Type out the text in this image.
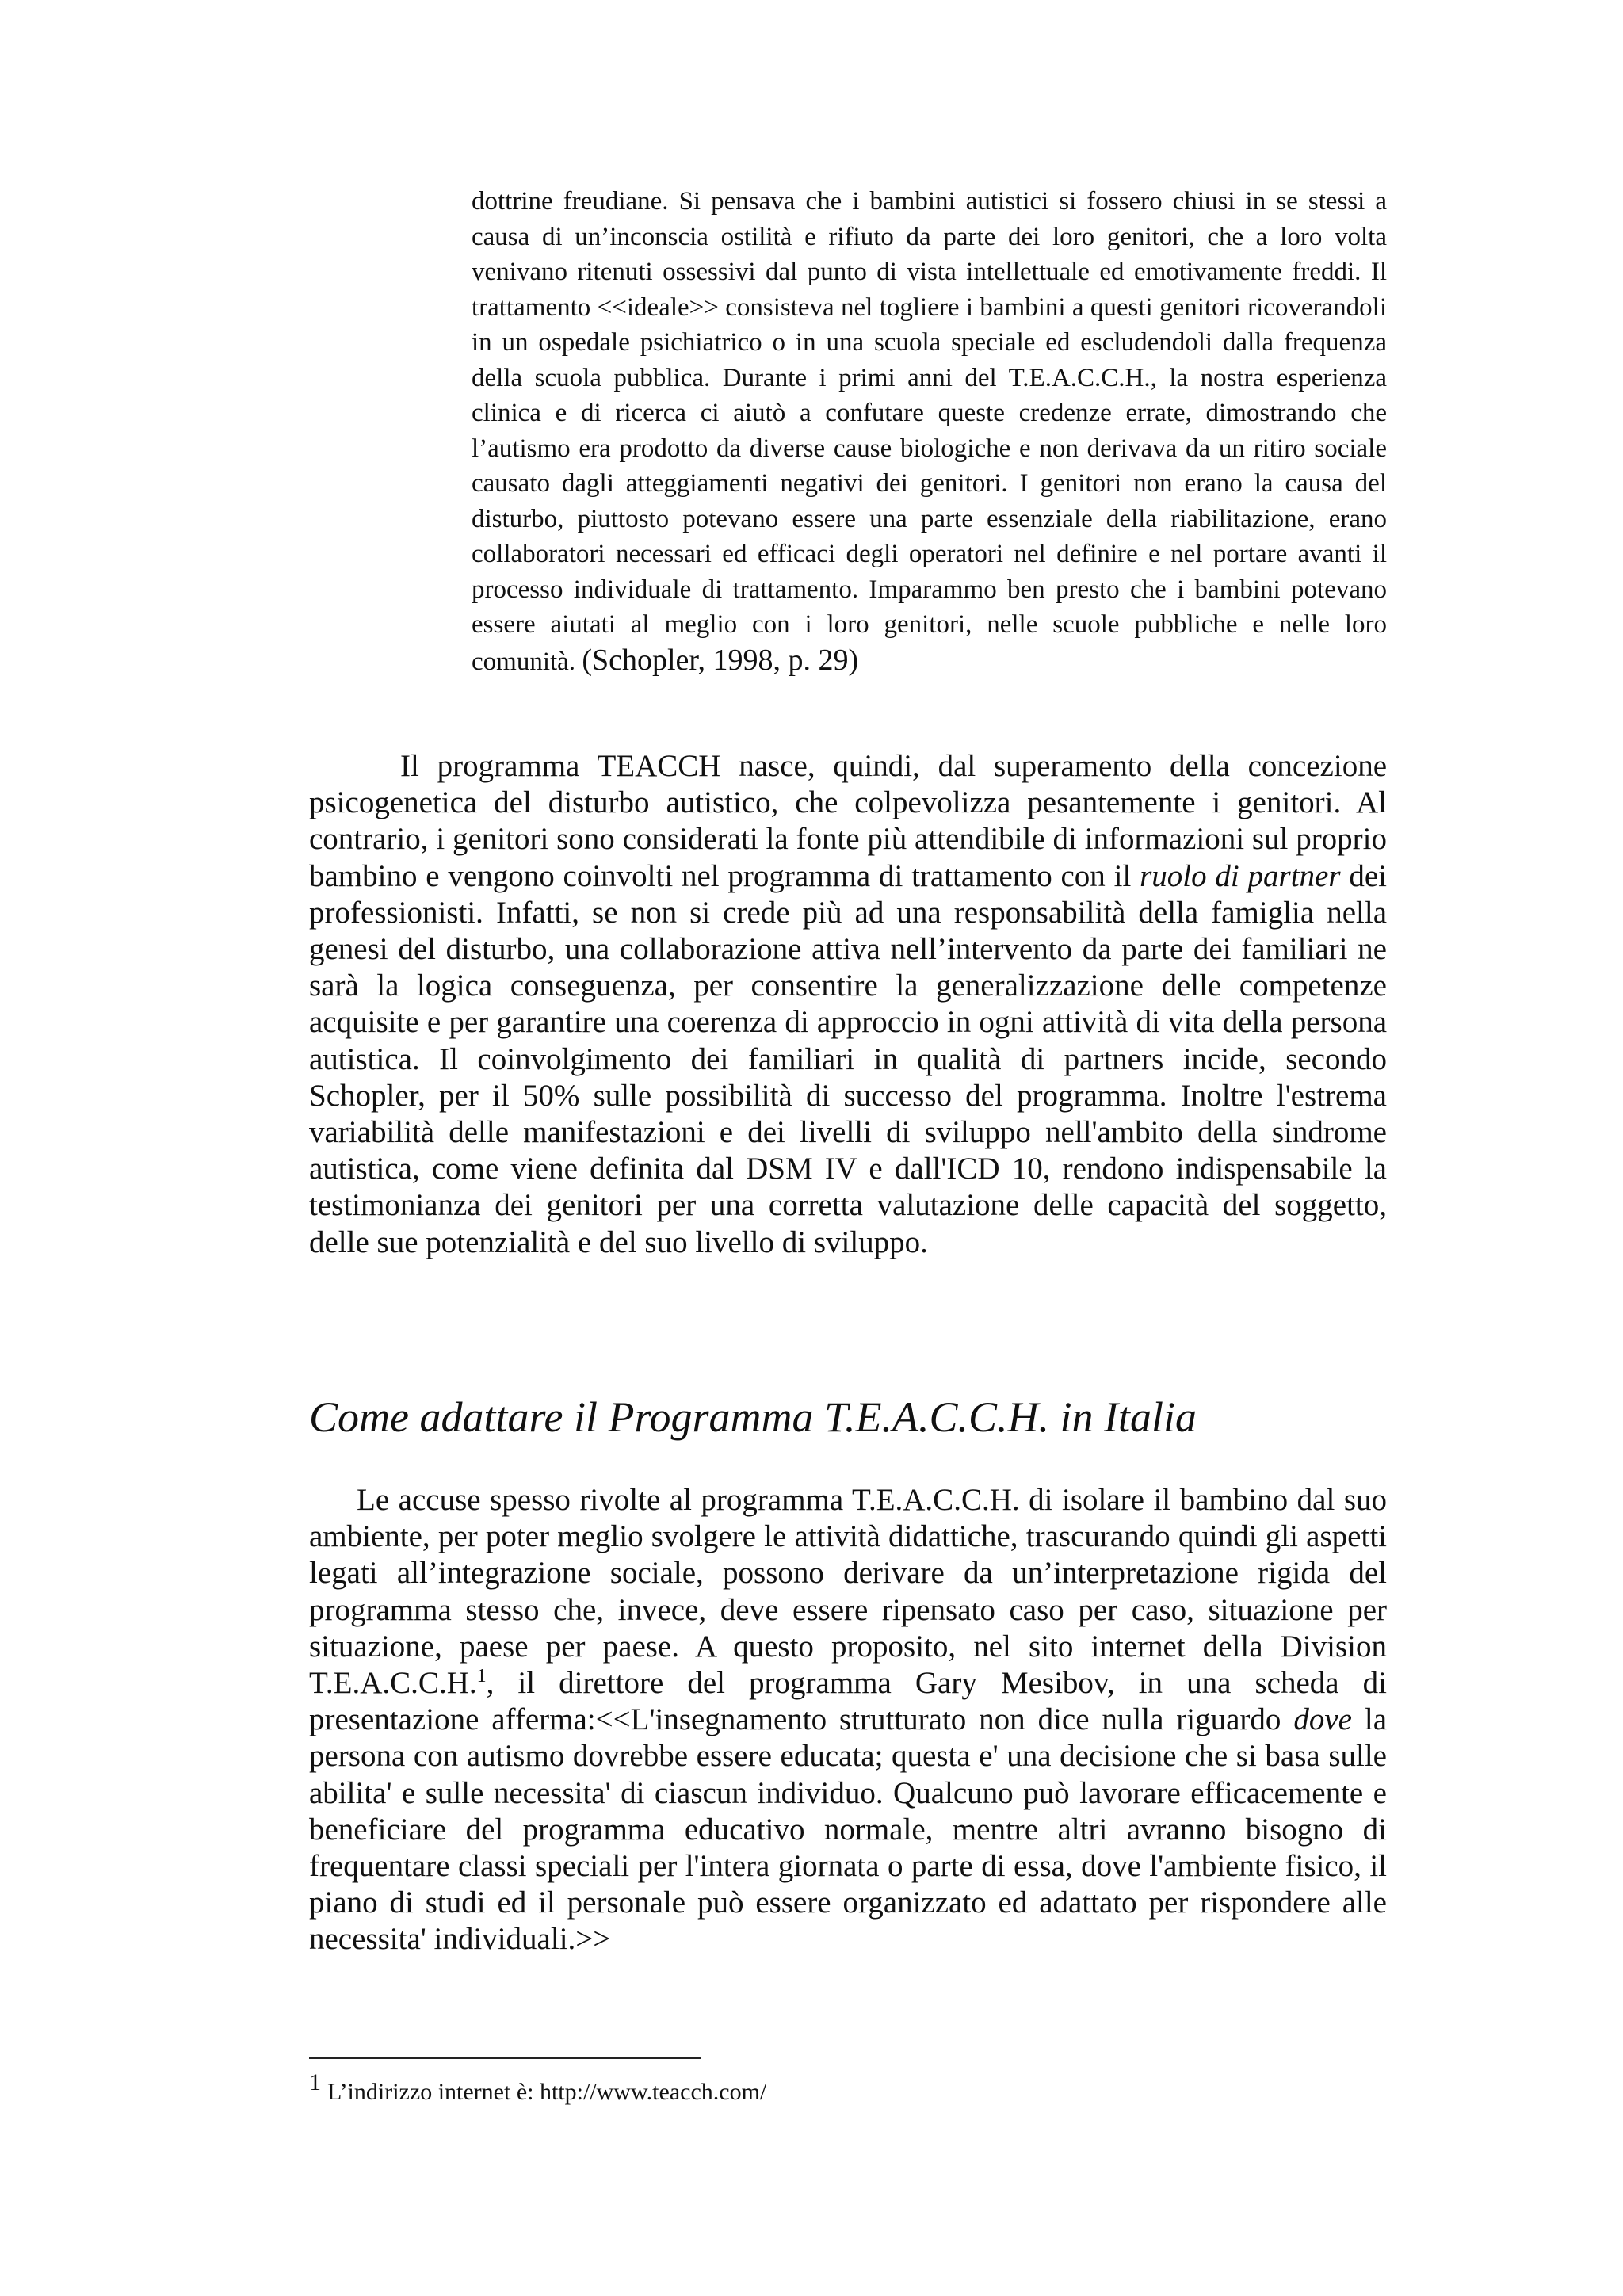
dottrine freudiane. Si pensava che i bambini autistici si fossero chiusi in se stessi a causa di un’inconscia ostilità e rifiuto da parte dei loro genitori, che a loro volta venivano ritenuti ossessivi dal punto di vista intellettuale ed emotivamente freddi. Il trattamento <<ideale>> consisteva nel togliere i bambini a questi genitori ricoverandoli in un ospedale psichiatrico o in una scuola speciale ed escludendoli dalla frequenza della scuola pubblica. Durante i primi anni del T.E.A.C.C.H., la nostra esperienza clinica e di ricerca ci aiutò a confutare queste credenze errate, dimostrando che l’autismo era prodotto da diverse cause biologiche e non derivava da un ritiro sociale causato dagli atteggiamenti negativi dei genitori. I genitori non erano la causa del disturbo, piuttosto potevano essere una parte essenziale della riabilitazione, erano collaboratori necessari ed efficaci degli operatori nel definire e nel portare avanti il processo individuale di trattamento. Imparammo ben presto che i bambini potevano essere aiutati al meglio con i loro genitori, nelle scuole pubbliche e nelle loro comunità. (Schopler, 1998, p. 29)
Il programma TEACCH nasce, quindi, dal superamento della concezione psicogenetica del disturbo autistico, che colpevolizza pesantemente i genitori. Al contrario, i genitori sono considerati la fonte più attendibile di informazioni sul proprio bambino e vengono coinvolti nel programma di trattamento con il ruolo di partner dei professionisti. Infatti, se non si crede più ad una responsabilità della famiglia nella genesi del disturbo, una collaborazione attiva nell’intervento da parte dei familiari ne sarà la logica conseguenza, per consentire la generalizzazione delle competenze acquisite e per garantire una coerenza di approccio in ogni attività di vita della persona autistica. Il coinvolgimento dei familiari in qualità di partners incide, secondo Schopler, per il 50% sulle possibilità di successo del programma. Inoltre l'estrema variabilità delle manifestazioni e dei livelli di sviluppo nell'ambito della sindrome autistica, come viene definita dal DSM IV e dall'ICD 10, rendono indispensabile la testimonianza dei genitori per una corretta valutazione delle capacità del soggetto, delle sue potenzialità e del suo livello di sviluppo.
Come adattare il Programma T.E.A.C.C.H. in Italia
Le accuse spesso rivolte al programma T.E.A.C.C.H. di isolare il bambino dal suo ambiente, per poter meglio svolgere le attività didattiche, trascurando quindi gli aspetti legati all’integrazione sociale, possono derivare da un’interpretazione rigida del programma stesso che, invece, deve essere ripensato caso per caso, situazione per situazione, paese per paese. A questo proposito, nel sito internet della Division T.E.A.C.C.H.$^1$, il direttore del programma Gary Mesibov, in una scheda di presentazione afferma:<<L'insegnamento strutturato non dice nulla riguardo dove la persona con autismo dovrebbe essere educata; questa e' una decisione che si basa sulle abilita' e sulle necessita' di ciascun individuo. Qualcuno può lavorare efficacemente e beneficiare del programma educativo normale, mentre altri avranno bisogno di frequentare classi speciali per l'intera giornata o parte di essa, dove l'ambiente fisico, il piano di studi ed il personale può essere organizzato ed adattato per rispondere alle necessita' individuali.>>
1 L’indirizzo internet è: http://www.teacch.com/
